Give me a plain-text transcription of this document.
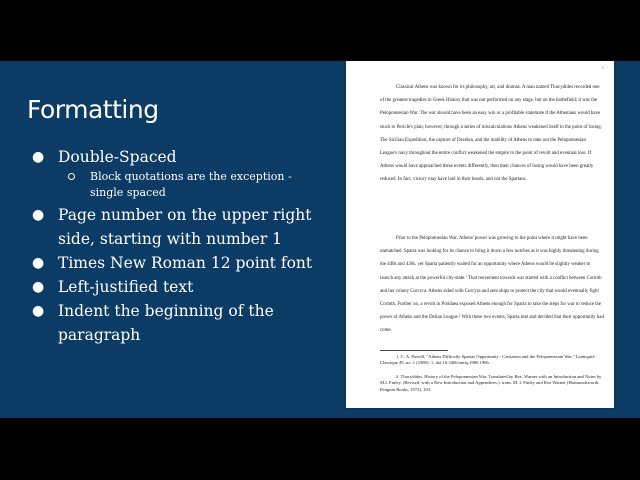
Formatting
● Double-Spaced
Block quotations are the exception - single spaced
● Page number on the upper right side, starting with number 1
● Times New Roman 12 point font
● Left-justified text
● Indent the beginning of the paragraph
1

Classical Athens was known for its philosophy, art, and dramas. A man named Thucydides recorded one of the greatest tragedies in Greek History that was not performed on any stage, but on the battlefield; it was the Peloponnesian War. The war should have been an easy win or a profitable stalemate if the Athenians would have stuck to Pericle's plan; however, through a series of miscalculations Athens weakened itself to the point of losing. The Sicilian Expedition, the capture of Decelea, and the inability of Athens to take out the Peloponnesian League's navy throughout the entire conflict weakened the empire to the point of revolt and eventual loss. If Athens would have approached these events differently, then their chances of losing would have been greatly reduced. In fact, victory may have laid in their hands, and not the Spartans.

Prior to the Peloponnesian War, Athens' power was growing to the point where it might have been unmatched. Sparta was looking for its chance to bring it down a few notches as it was highly threatening during the 440s and 430s, yet Sparta patiently waited for an opportunity where Athens would be slightly weaker to launch any attack at the powerful city-state.¹ That movement towards war started with a conflict between Corinth and her colony Corcyra. Athens sided with Corcyra and sent ships to protect the city that would eventually fight Corinth. Further on, a revolt in Potidaea exposed Athens enough for Sparta to take the steps for war to reduce the power of Athens and the Delian League.² With these two events, Sparta met and decided that their opportunity had come.

1. C. A. Powell, "Athens Difficulty Spartas Opportunity : Causation and the Peloponnesian War," Lantiquité Classique 49, no. 1 (1980): 1, doi:10.3406/antiq.1980.1966.

2. Thucydides, History of the Peloponnesian War. Translated by Rex. Warner with an Introduction and Notes by M.I. Finley. (Revised, with a New Introduction and Appendices.). trans. M. I. Finley and Rex Warner (Harmondsworth: Penguin Books, 1972), 103.
